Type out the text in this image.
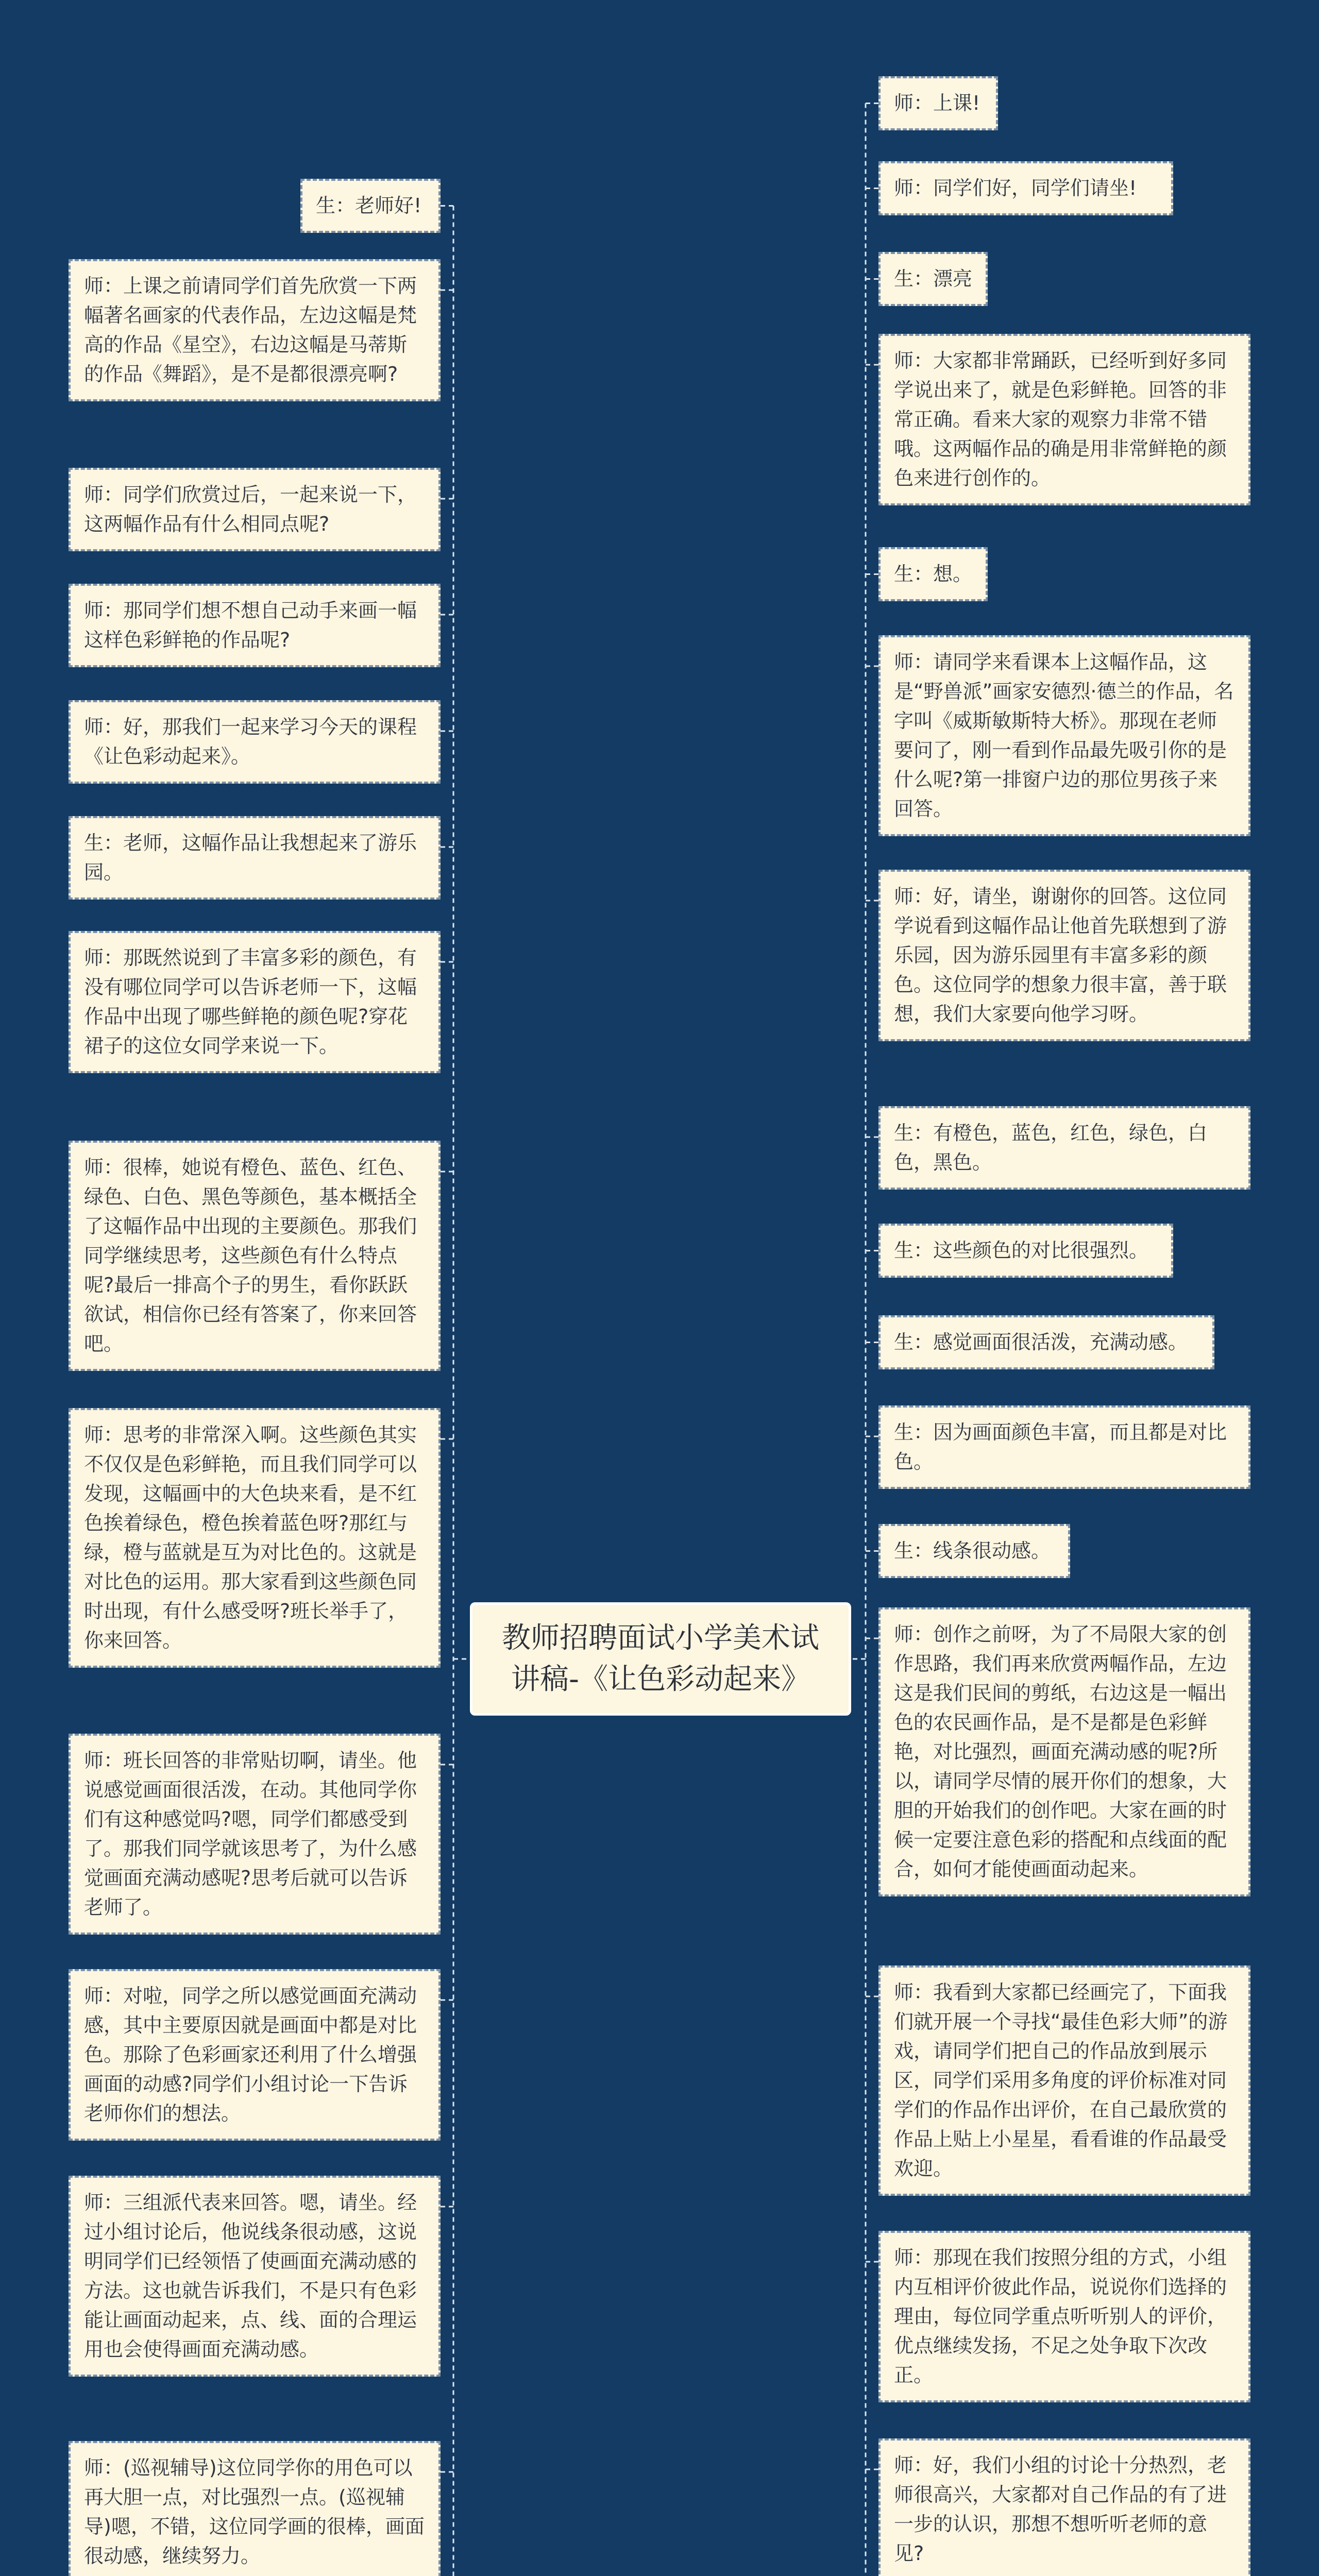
教师招聘面试小学美术试讲稿-《让色彩动起来》
生：老师好!
师：上课之前请同学们首先欣赏一下两幅著名画家的代表作品，左边这幅是梵高的作品《星空》，右边这幅是马蒂斯的作品《舞蹈》，是不是都很漂亮啊?
师：同学们欣赏过后，一起来说一下，这两幅作品有什么相同点呢?
师：那同学们想不想自己动手来画一幅这样色彩鲜艳的作品呢?
师：好，那我们一起来学习今天的课程《让色彩动起来》。
生：老师，这幅作品让我想起来了游乐园。
师：那既然说到了丰富多彩的颜色，有没有哪位同学可以告诉老师一下，这幅作品中出现了哪些鲜艳的颜色呢?穿花裙子的这位女同学来说一下。
师：很棒，她说有橙色、蓝色、红色、绿色、白色、黑色等颜色，基本概括全了这幅作品中出现的主要颜色。那我们同学继续思考，这些颜色有什么特点呢?最后一排高个子的男生，看你跃跃欲试，相信你已经有答案了，你来回答吧。
师：思考的非常深入啊。这些颜色其实不仅仅是色彩鲜艳，而且我们同学可以发现，这幅画中的大色块来看，是不红色挨着绿色，橙色挨着蓝色呀?那红与绿，橙与蓝就是互为对比色的。这就是对比色的运用。那大家看到这些颜色同时出现，有什么感受呀?班长举手了，你来回答。
师：班长回答的非常贴切啊，请坐。他说感觉画面很活泼，在动。其他同学你们有这种感觉吗?嗯，同学们都感受到了。那我们同学就该思考了，为什么感觉画面充满动感呢?思考后就可以告诉老师了。
师：对啦，同学之所以感觉画面充满动感，其中主要原因就是画面中都是对比色。那除了色彩画家还利用了什么增强画面的动感?同学们小组讨论一下告诉老师你们的想法。
师：三组派代表来回答。嗯，请坐。经过小组讨论后，他说线条很动感，这说明同学们已经领悟了使画面充满动感的方法。这也就告诉我们，不是只有色彩能让画面动起来，点、线、面的合理运用也会使得画面充满动感。
师：(巡视辅导)这位同学你的用色可以再大胆一点，对比强烈一点。(巡视辅导)嗯，不错，这位同学画的很棒，画面很动感，继续努力。
师：上课!
师：同学们好，同学们请坐!
生：漂亮
师：大家都非常踊跃，已经听到好多同学说出来了，就是色彩鲜艳。回答的非常正确。看来大家的观察力非常不错哦。这两幅作品的确是用非常鲜艳的颜色来进行创作的。
生：想。
师：请同学来看课本上这幅作品，这是“野兽派”画家安德烈·德兰的作品，名字叫《威斯敏斯特大桥》。那现在老师要问了，刚一看到作品最先吸引你的是什么呢?第一排窗户边的那位男孩子来回答。
师：好，请坐，谢谢你的回答。这位同学说看到这幅作品让他首先联想到了游乐园，因为游乐园里有丰富多彩的颜色。这位同学的想象力很丰富，善于联想，我们大家要向他学习呀。
生：有橙色，蓝色，红色，绿色，白色，黑色。
生：这些颜色的对比很强烈。
生：感觉画面很活泼，充满动感。
生：因为画面颜色丰富，而且都是对比色。
生：线条很动感。
师：创作之前呀，为了不局限大家的创作思路，我们再来欣赏两幅作品，左边这是我们民间的剪纸，右边这是一幅出色的农民画作品，是不是都是色彩鲜艳，对比强烈，画面充满动感的呢?所以，请同学尽情的展开你们的想象，大胆的开始我们的创作吧。大家在画的时候一定要注意色彩的搭配和点线面的配合，如何才能使画面动起来。
师：我看到大家都已经画完了，下面我们就开展一个寻找“最佳色彩大师”的游戏，请同学们把自己的作品放到展示区，同学们采用多角度的评价标准对同学们的作品作出评价，在自己最欣赏的作品上贴上小星星，看看谁的作品最受欢迎。
师：那现在我们按照分组的方式，小组内互相评价彼此作品，说说你们选择的理由，每位同学重点听听别人的评价，优点继续发扬，不足之处争取下次改正。
师：好，我们小组的讨论十分热烈，老师很高兴，大家都对自己作品的有了进一步的认识，那想不想听听老师的意见?
